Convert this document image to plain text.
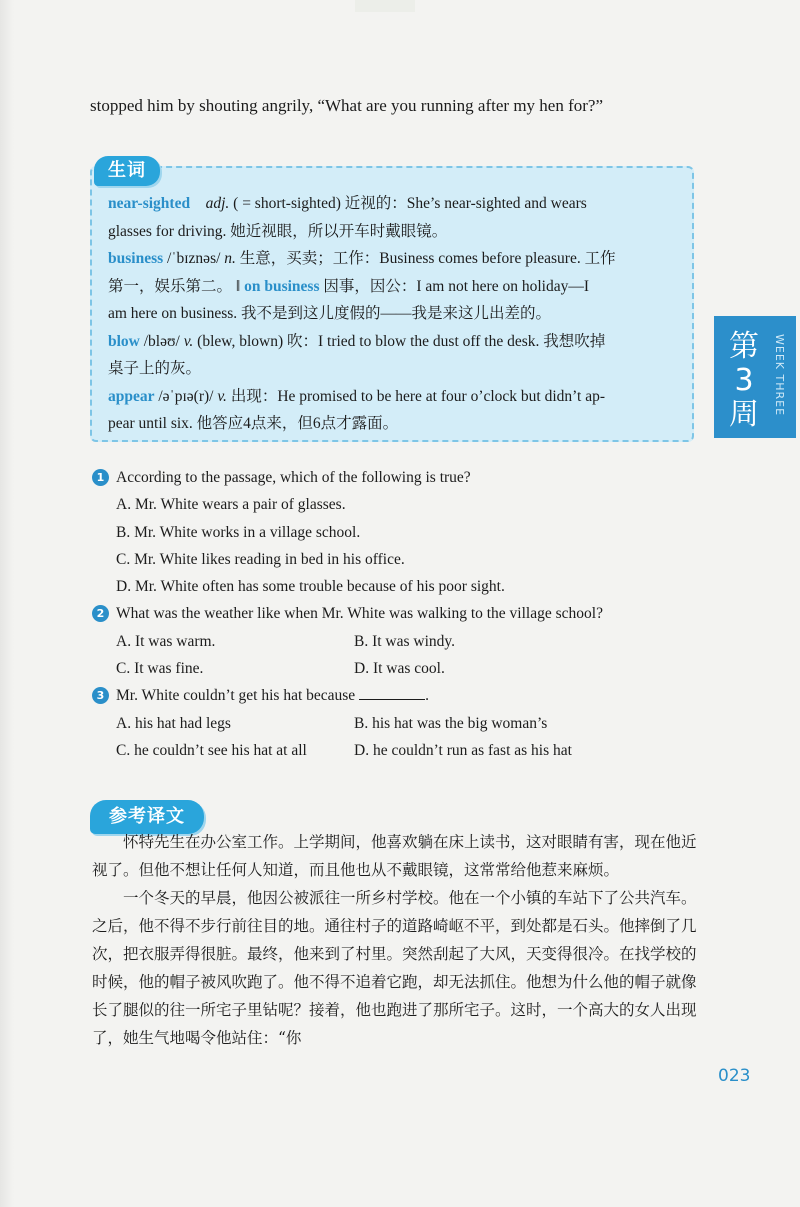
stopped him by shouting angrily, “What are you running after my hen for?”
生词
near-sighted adj. ( = short-sighted) 近视的：She’s near-sighted and wears
glasses for driving. 她近视眼，所以开车时戴眼镜。
business /ˈbɪznəs/ n. 生意，买卖；工作：Business comes before pleasure. 工作
第一，娱乐第二。 ‖ on business 因事，因公：I am not here on holiday—I
am here on business. 我不是到这儿度假的——我是来这儿出差的。
blow /bləʊ/ v. (blew, blown) 吹：I tried to blow the dust off the desk. 我想吹掉
桌子上的灰。
appear /əˈpɪə(r)/ v. 出现：He promised to be here at four o’clock but didn’t ap-
pear until six. 他答应4点来，但6点才露面。
第3周	WEEK THREE
1 According to the passage, which of the following is true?
A. Mr. White wears a pair of glasses.
B. Mr. White works in a village school.
C. Mr. White likes reading in bed in his office.
D. Mr. White often has some trouble because of his poor sight.
2 What was the weather like when Mr. White was walking to the village school?
A. It was warm.	B. It was windy.
C. It was fine.	D. It was cool.
3 Mr. White couldn’t get his hat because	.
A. his hat had legs	B. his hat was the big woman’s
C. he couldn’t see his hat at all	D. he couldn’t run as fast as his hat
参考译文

怀特先生在办公室工作。上学期间，他喜欢躺在床上读书，这对眼睛有害，现在他近视了。但他不想让任何人知道，而且他也从不戴眼镜，这常常给他惹来麻烦。

一个冬天的早晨，他因公被派往一所乡村学校。他在一个小镇的车站下了公共汽车。之后，他不得不步行前往目的地。通往村子的道路崎岖不平，到处都是石头。他摔倒了几次，把衣服弄得很脏。最终，他来到了村里。突然刮起了大风，天变得很冷。在找学校的时候，他的帽子被风吹跑了。他不得不追着它跑，却无法抓住。他想为什么他的帽子就像长了腿似的往一所宅子里钻呢？接着，他也跑进了那所宅子。这时，一个高大的女人出现了，她生气地喝令他站住：“你

023
